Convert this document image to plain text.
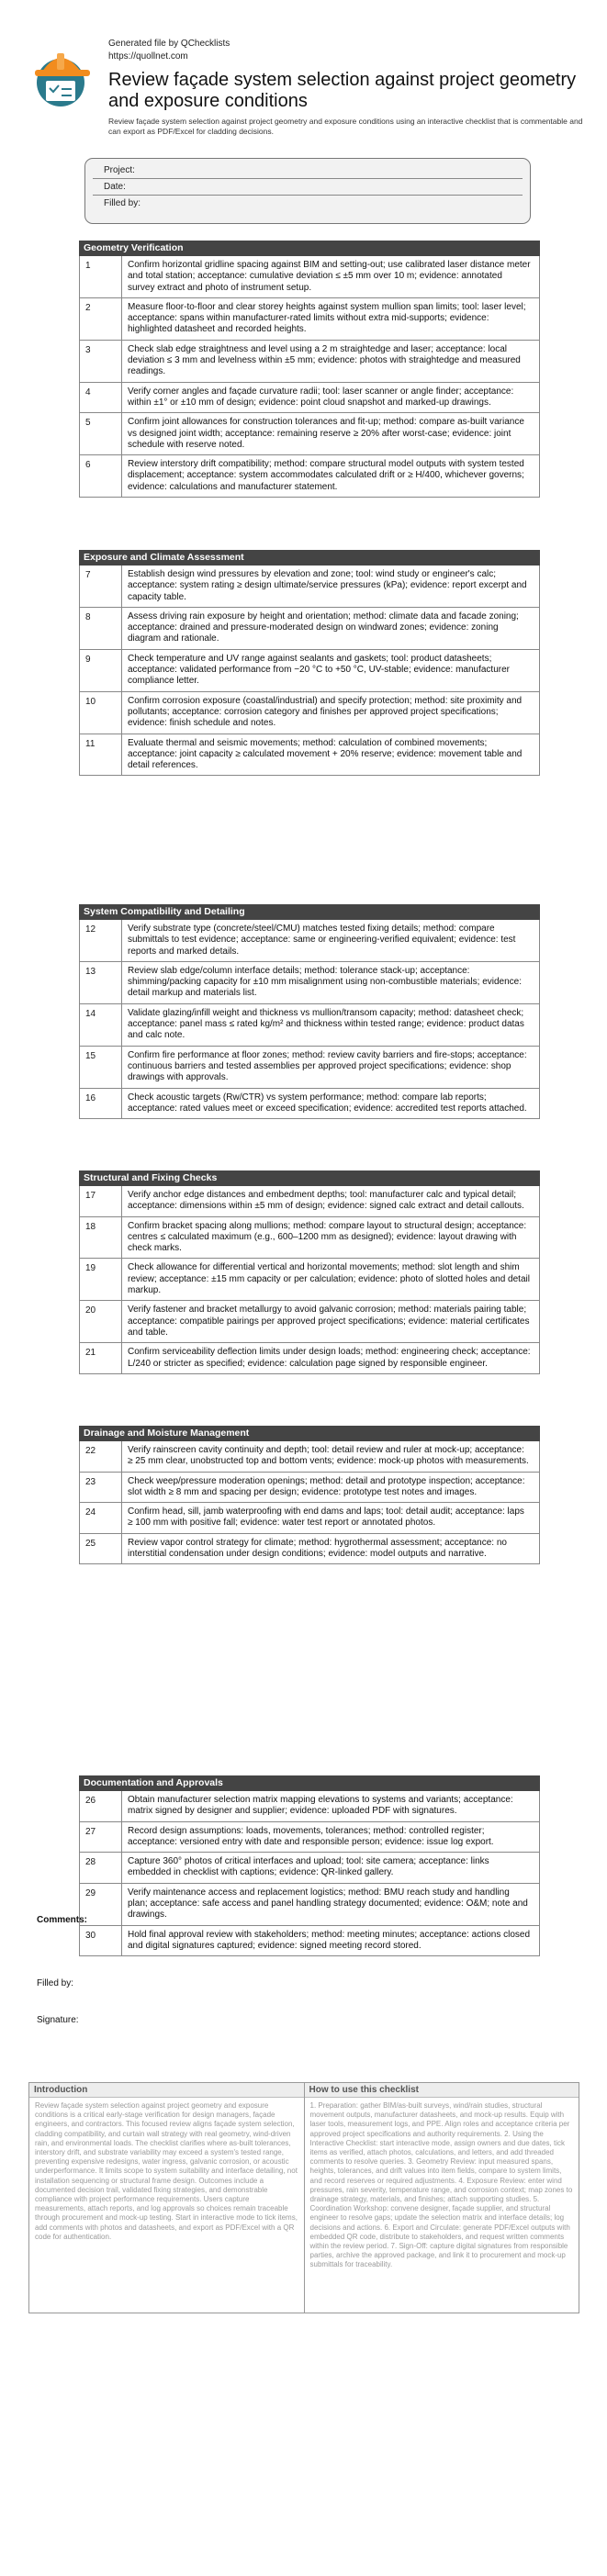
Generated file by QChecklists
https://quollnet.com
Review façade system selection against project geometry and exposure conditions
Review façade system selection against project geometry and exposure conditions using an interactive checklist that is commentable and can export as PDF/Excel for cladding decisions.
Project:
Date:
Filled by:
Geometry Verification
1	Confirm horizontal gridline spacing against BIM and setting-out; use calibrated laser distance meter and total station; acceptance: cumulative deviation ≤ ±5 mm over 10 m; evidence: annotated survey extract and photo of instrument setup.
2	Measure floor-to-floor and clear storey heights against system mullion span limits; tool: laser level; acceptance: spans within manufacturer-rated limits without extra mid-supports; evidence: highlighted datasheet and recorded heights.
3	Check slab edge straightness and level using a 2 m straightedge and laser; acceptance: local deviation ≤ 3 mm and levelness within ±5 mm; evidence: photos with straightedge and measured readings.
4	Verify corner angles and façade curvature radii; tool: laser scanner or angle finder; acceptance: within ±1° or ±10 mm of design; evidence: point cloud snapshot and marked-up drawings.
5	Confirm joint allowances for construction tolerances and fit-up; method: compare as-built variance vs designed joint width; acceptance: remaining reserve ≥ 20% after worst-case; evidence: joint schedule with reserve noted.
6	Review interstory drift compatibility; method: compare structural model outputs with system tested displacement; acceptance: system accommodates calculated drift or ≥ H/400, whichever governs; evidence: calculations and manufacturer statement.
Exposure and Climate Assessment
7	Establish design wind pressures by elevation and zone; tool: wind study or engineer's calc; acceptance: system rating ≥ design ultimate/service pressures (kPa); evidence: report excerpt and capacity table.
8	Assess driving rain exposure by height and orientation; method: climate data and facade zoning; acceptance: drained and pressure-moderated design on windward zones; evidence: zoning diagram and rationale.
9	Check temperature and UV range against sealants and gaskets; tool: product datasheets; acceptance: validated performance from −20 °C to +50 °C, UV-stable; evidence: manufacturer compliance letter.
10	Confirm corrosion exposure (coastal/industrial) and specify protection; method: site proximity and pollutants; acceptance: corrosion category and finishes per approved project specifications; evidence: finish schedule and notes.
11	Evaluate thermal and seismic movements; method: calculation of combined movements; acceptance: joint capacity ≥ calculated movement + 20% reserve; evidence: movement table and detail references.
System Compatibility and Detailing
12	Verify substrate type (concrete/steel/CMU) matches tested fixing details; method: compare submittals to test evidence; acceptance: same or engineering-verified equivalent; evidence: test reports and marked details.
13	Review slab edge/column interface details; method: tolerance stack-up; acceptance: shimming/packing capacity for ±10 mm misalignment using non-combustible materials; evidence: detail markup and materials list.
14	Validate glazing/infill weight and thickness vs mullion/transom capacity; method: datasheet check; acceptance: panel mass ≤ rated kg/m² and thickness within tested range; evidence: product datas and calc note.
15	Confirm fire performance at floor zones; method: review cavity barriers and fire-stops; acceptance: continuous barriers and tested assemblies per approved project specifications; evidence: shop drawings with approvals.
16	Check acoustic targets (Rw/CTR) vs system performance; method: compare lab reports; acceptance: rated values meet or exceed specification; evidence: accredited test reports attached.
Structural and Fixing Checks
17	Verify anchor edge distances and embedment depths; tool: manufacturer calc and typical detail; acceptance: dimensions within ±5 mm of design; evidence: signed calc extract and detail callouts.
18	Confirm bracket spacing along mullions; method: compare layout to structural design; acceptance: centres ≤ calculated maximum (e.g., 600–1200 mm as designed); evidence: layout drawing with check marks.
19	Check allowance for differential vertical and horizontal movements; method: slot length and shim review; acceptance: ±15 mm capacity or per calculation; evidence: photo of slotted holes and detail markup.
20	Verify fastener and bracket metallurgy to avoid galvanic corrosion; method: materials pairing table; acceptance: compatible pairings per approved project specifications; evidence: material certificates and table.
21	Confirm serviceability deflection limits under design loads; method: engineering check; acceptance: L/240 or stricter as specified; evidence: calculation page signed by responsible engineer.
Drainage and Moisture Management
22	Verify rainscreen cavity continuity and depth; tool: detail review and ruler at mock-up; acceptance: ≥ 25 mm clear, unobstructed top and bottom vents; evidence: mock-up photos with measurements.
23	Check weep/pressure moderation openings; method: detail and prototype inspection; acceptance: slot width ≥ 8 mm and spacing per design; evidence: prototype test notes and images.
24	Confirm head, sill, jamb waterproofing with end dams and laps; tool: detail audit; acceptance: laps ≥ 100 mm with positive fall; evidence: water test report or annotated photos.
25	Review vapor control strategy for climate; method: hygrothermal assessment; acceptance: no interstitial condensation under design conditions; evidence: model outputs and narrative.
Documentation and Approvals
26	Obtain manufacturer selection matrix mapping elevations to systems and variants; acceptance: matrix signed by designer and supplier; evidence: uploaded PDF with signatures.
27	Record design assumptions: loads, movements, tolerances; method: controlled register; acceptance: versioned entry with date and responsible person; evidence: issue log export.
28	Capture 360° photos of critical interfaces and upload; tool: site camera; acceptance: links embedded in checklist with captions; evidence: QR-linked gallery.
29	Verify maintenance access and replacement logistics; method: BMU reach study and handling plan; acceptance: safe access and panel handling strategy documented; evidence: O&M; note and drawings.
30	Hold final approval review with stakeholders; method: meeting minutes; acceptance: actions closed and digital signatures captured; evidence: signed meeting record stored.
Comments:
Filled by:
Signature:
Introduction
Review façade system selection against project geometry and exposure conditions is a critical early-stage verification for design managers, façade engineers, and contractors. This focused review aligns façade system selection, cladding compatibility, and curtain wall strategy with real geometry, wind-driven rain, and environmental loads. The checklist clarifies where as-built tolerances, interstory drift, and substrate variability may exceed a system's tested range, preventing expensive redesigns, water ingress, galvanic corrosion, or acoustic underperformance. It limits scope to system suitability and interface detailing, not installation sequencing or structural frame design. Outcomes include a documented decision trail, validated fixing strategies, and demonstrable compliance with project performance requirements. Users capture measurements, attach reports, and log approvals so choices remain traceable through procurement and mock-up testing. Start in interactive mode to tick items, add comments with photos and datasheets, and export as PDF/Excel with a QR code for authentication.
How to use this checklist
1. Preparation: gather BIM/as-built surveys, wind/rain studies, structural movement outputs, manufacturer datasheets, and mock-up results. Equip with laser tools, measurement logs, and PPE. Align roles and acceptance criteria per approved project specifications and authority requirements. 2. Using the Interactive Checklist: start interactive mode, assign owners and due dates, tick items as verified, attach photos, calculations, and letters, and add threaded comments to resolve queries. 3. Geometry Review: input measured spans, heights, tolerances, and drift values into item fields, compare to system limits, and record reserves or required adjustments. 4. Exposure Review: enter wind pressures, rain severity, temperature range, and corrosion context; map zones to drainage strategy, materials, and finishes; attach supporting studies. 5. Coordination Workshop: convene designer, façade supplier, and structural engineer to resolve gaps; update the selection matrix and interface details; log decisions and actions. 6. Export and Circulate: generate PDF/Excel outputs with embedded QR code, distribute to stakeholders, and request written comments within the review period. 7. Sign-Off: capture digital signatures from responsible parties, archive the approved package, and link it to procurement and mock-up submittals for traceability.
